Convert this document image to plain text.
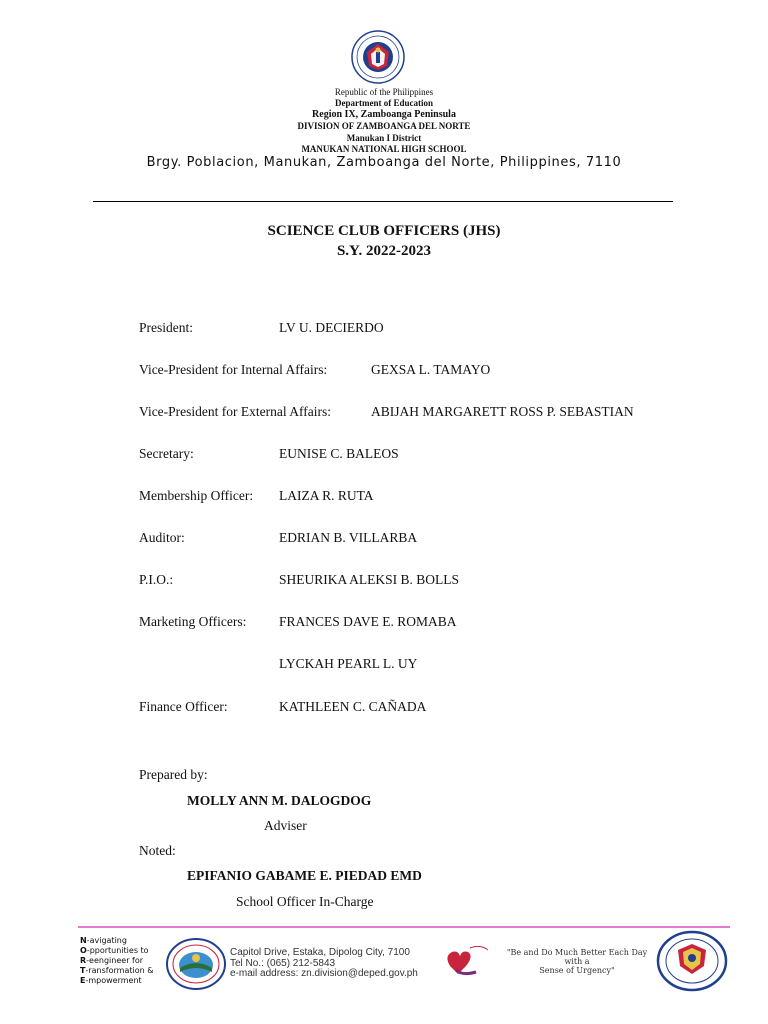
Republic of the Philippines
Department of Education
Region IX, Zamboanga Peninsula
DIVISION OF ZAMBOANGA DEL NORTE
Manukan I District
MANUKAN NATIONAL HIGH SCHOOL
Brgy. Poblacion, Manukan, Zamboanga del Norte, Philippines, 7110
SCIENCE CLUB OFFICERS (JHS)
S.Y. 2022-2023
President:	LV U. DECIERDO
Vice-President for Internal Affairs:	GEXSA L. TAMAYO
Vice-President for External Affairs:	ABIJAH MARGARETT ROSS P. SEBASTIAN
Secretary:	EUNISE C. BALEOS
Membership Officer: LAIZA R. RUTA
Auditor:	EDRIAN B. VILLARBA
P.I.O.:	SHEURIKA ALEKSI B. BOLLS
Marketing Officers: FRANCES DAVE E. ROMABA
LYCKAH PEARL L. UY
Finance Officer:	KATHLEEN C. CAÑADA
Prepared by:
MOLLY ANN M. DALOGDOG
Adviser
Noted:
EPIFANIO GABAME E. PIEDAD EMD
School Officer In-Charge
N-avigating
O-pportunities to
R-eengineer for
T-ransformation &
E-mpowerment
Capitol Drive, Estaka, Dipolog City, 7100
Tel No.: (065) 212-5843
e-mail address: zn.division@deped.gov.ph
"Be and Do Much Better Each Day
with a
Sense of Urgency"
